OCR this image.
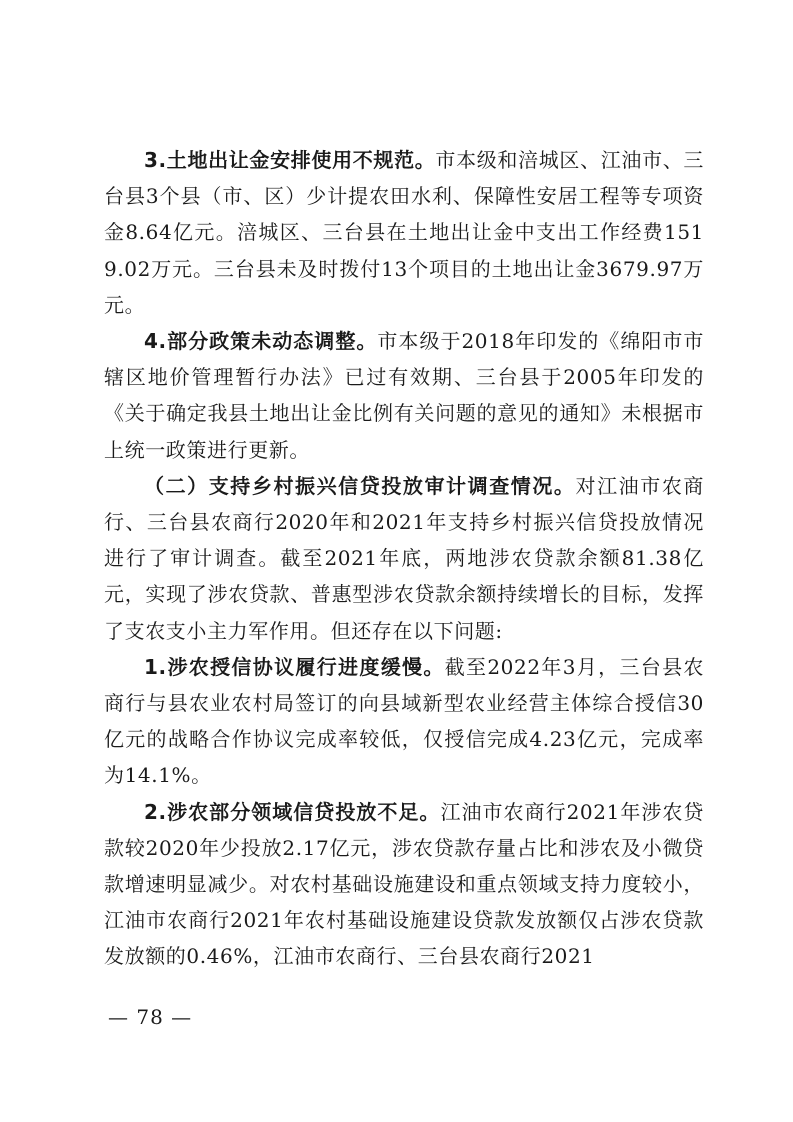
3.土地出让金安排使用不规范。市本级和涪城区、江油市、三台县3个县（市、区）少计提农田水利、保障性安居工程等专项资金8.64亿元。涪城区、三台县在土地出让金中支出工作经费1519.02万元。三台县未及时拨付13个项目的土地出让金3679.97万元。

4.部分政策未动态调整。市本级于2018年印发的《绵阳市市辖区地价管理暂行办法》已过有效期、三台县于2005年印发的《关于确定我县土地出让金比例有关问题的意见的通知》未根据市上统一政策进行更新。

（二）支持乡村振兴信贷投放审计调查情况。对江油市农商行、三台县农商行2020年和2021年支持乡村振兴信贷投放情况进行了审计调查。截至2021年底，两地涉农贷款余额81.38亿元，实现了涉农贷款、普惠型涉农贷款余额持续增长的目标，发挥了支农支小主力军作用。但还存在以下问题:

1.涉农授信协议履行进度缓慢。截至2022年3月，三台县农商行与县农业农村局签订的向县域新型农业经营主体综合授信30亿元的战略合作协议完成率较低，仅授信完成4.23亿元，完成率为14.1%。

2.涉农部分领域信贷投放不足。江油市农商行2021年涉农贷款较2020年少投放2.17亿元，涉农贷款存量占比和涉农及小微贷款增速明显减少。对农村基础设施建设和重点领域支持力度较小，江油市农商行2021年农村基础设施建设贷款发放额仅占涉农贷款发放额的0.46%，江油市农商行、三台县农商行2021

— 78 —
